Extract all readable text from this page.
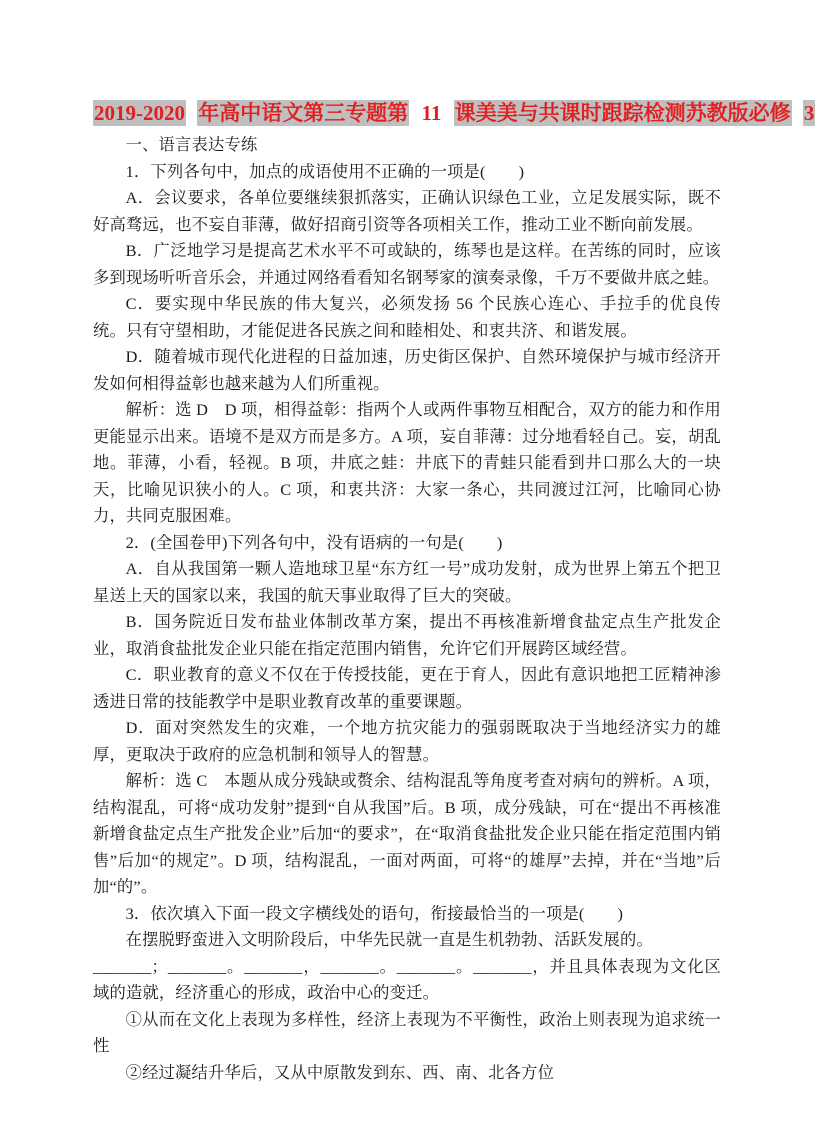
2019-2020 年高中语文第三专题第 11 课美美与共课时跟踪检测苏教版必修 3

一、语言表达专练

1．下列各句中，加点的成语使用不正确的一项是(　　)

A．会议要求，各单位要继续狠抓落实，正确认识绿色工业，立足发展实际，既不好高骛远，也不妄自菲薄，做好招商引资等各项相关工作，推动工业不断向前发展。

B．广泛地学习是提高艺术水平不可或缺的，练琴也是这样。在苦练的同时，应该多到现场听听音乐会，并通过网络看看知名钢琴家的演奏录像，千万不要做井底之蛙。

C．要实现中华民族的伟大复兴，必须发扬 56 个民族心连心、手拉手的优良传统。只有守望相助，才能促进各民族之间和睦相处、和衷共济、和谐发展。

D．随着城市现代化进程的日益加速，历史街区保护、自然环境保护与城市经济开发如何相得益彰也越来越为人们所重视。

解析：选 D　D 项，相得益彰：指两个人或两件事物互相配合，双方的能力和作用更能显示出来。语境不是双方而是多方。A 项，妄自菲薄：过分地看轻自己。妄，胡乱地。菲薄，小看，轻视。B 项，井底之蛙：井底下的青蛙只能看到井口那么大的一块天，比喻见识狭小的人。C 项，和衷共济：大家一条心，共同渡过江河，比喻同心协力，共同克服困难。

2．(全国卷甲)下列各句中，没有语病的一句是(　　)

A．自从我国第一颗人造地球卫星“东方红一号”成功发射，成为世界上第五个把卫星送上天的国家以来，我国的航天事业取得了巨大的突破。

B．国务院近日发布盐业体制改革方案，提出不再核准新增食盐定点生产批发企业，取消食盐批发企业只能在指定范围内销售，允许它们开展跨区域经营。

C．职业教育的意义不仅在于传授技能，更在于育人，因此有意识地把工匠精神渗透进日常的技能教学中是职业教育改革的重要课题。

D．面对突然发生的灾难，一个地方抗灾能力的强弱既取决于当地经济实力的雄厚，更取决于政府的应急机制和领导人的智慧。

解析：选 C　本题从成分残缺或赘余、结构混乱等角度考查对病句的辨析。A 项，结构混乱，可将“成功发射”提到“自从我国”后。B 项，成分残缺，可在“提出不再核准新增食盐定点生产批发企业”后加“的要求”，在“取消食盐批发企业只能在指定范围内销售”后加“的规定”。D 项，结构混乱，一面对两面，可将“的雄厚”去掉，并在“当地”后加“的”。

3．依次填入下面一段文字横线处的语句，衔接最恰当的一项是(　　)

在摆脱野蛮进入文明阶段后，中华先民就一直是生机勃勃、活跃发展的。

_______；_______。_______，_______。_______。_______，并且具体表现为文化区域的造就，经济重心的形成，政治中心的变迁。

①从而在文化上表现为多样性，经济上表现为不平衡性，政治上则表现为追求统一性

②经过凝结升华后，又从中原散发到东、西、南、北各方位
